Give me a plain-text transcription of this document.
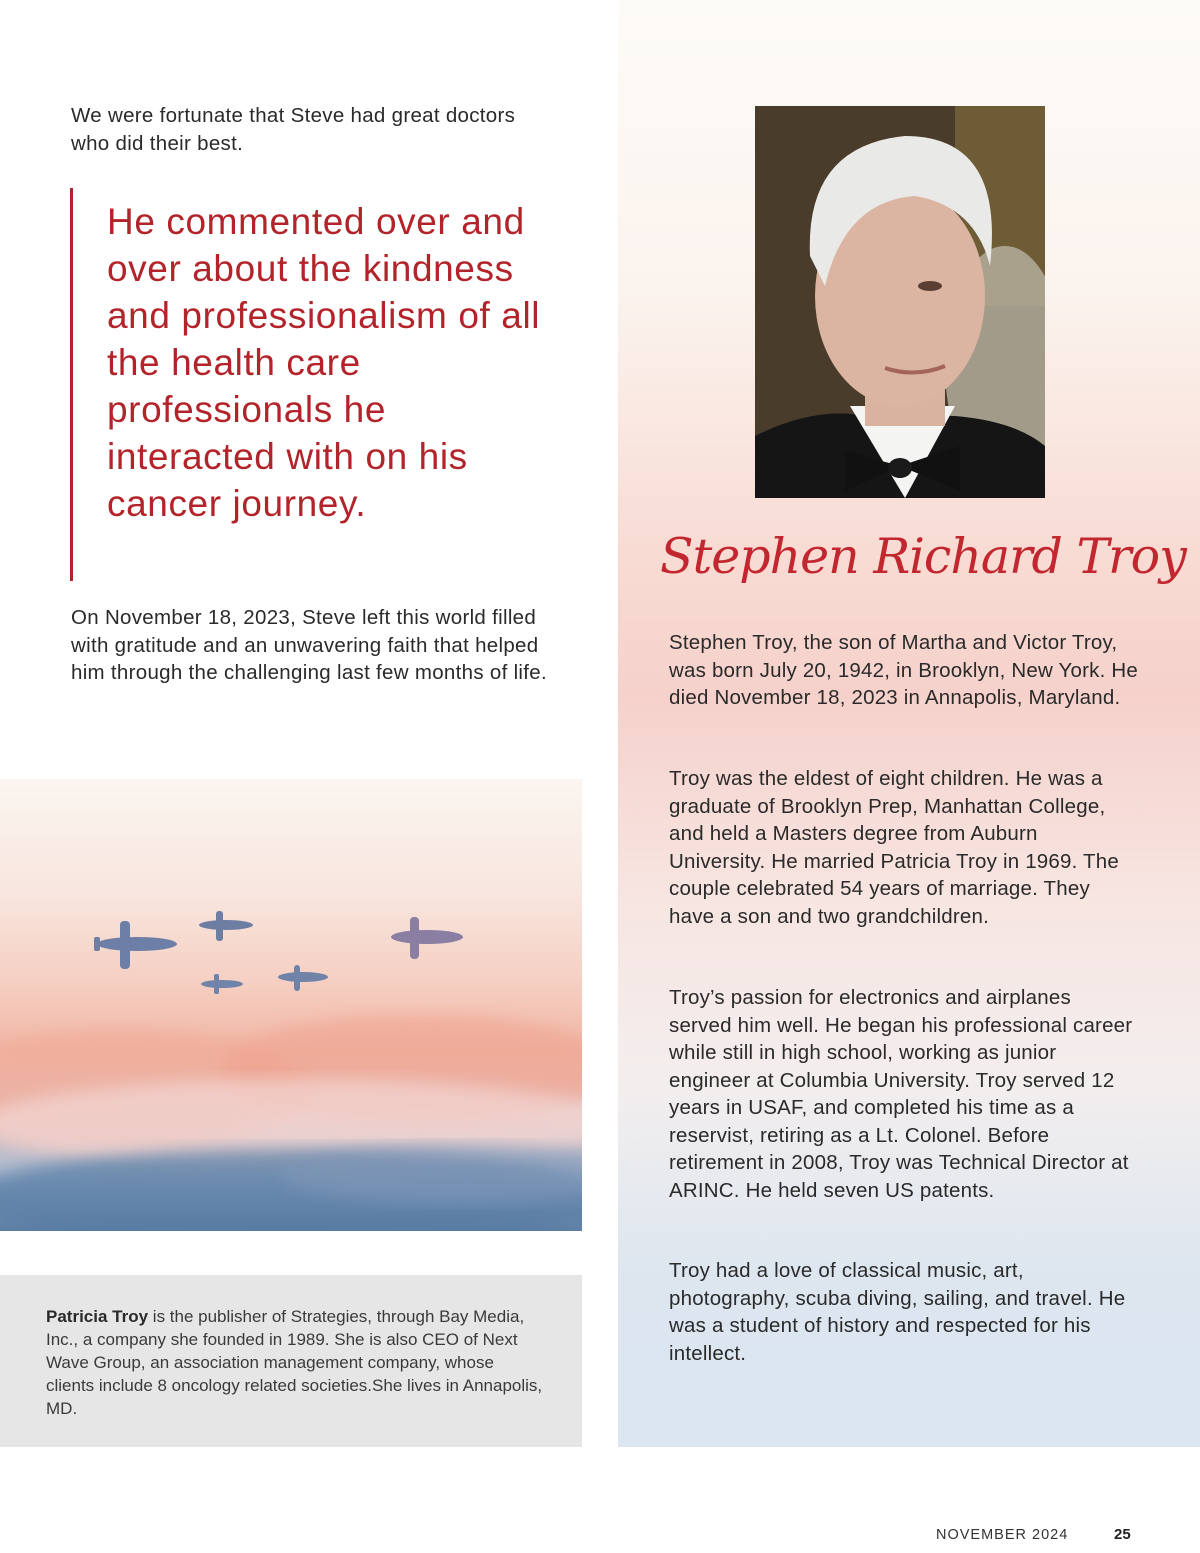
We were fortunate that Steve had great doctors who did their best.

He commented over and over about the kindness and professionalism of all the health care professionals he interacted with on his cancer journey.

On November 18, 2023, Steve left this world filled with gratitude and an unwavering faith that helped him through the challenging last few months of life.

Patricia Troy is the publisher of Strategies, through Bay Media, Inc., a company she founded in 1989. She is also CEO of Next Wave Group, an association management company, whose clients include 8 oncology related societies.She lives in Annapolis, MD.

Stephen Richard Troy

Stephen Troy, the son of Martha and Victor Troy, was born July 20, 1942, in Brooklyn, New York. He died November 18, 2023 in Annapolis, Maryland.

Troy was the eldest of eight children. He was a graduate of Brooklyn Prep, Manhattan College, and held a Masters degree from Auburn University. He married Patricia Troy in 1969. The couple celebrated 54 years of marriage. They have a son and two grandchildren.

Troy’s passion for electronics and airplanes served him well. He began his professional career while still in high school, working as junior engineer at Columbia University. Troy served 12 years in USAF, and completed his time as a reservist, retiring as a Lt. Colonel. Before retirement in 2008, Troy was Technical Director at ARINC. He held seven US patents.

Troy had a love of classical music, art, photography, scuba diving, sailing, and travel. He was a student of history and respected for his intellect.

NOVEMBER 2024	25
